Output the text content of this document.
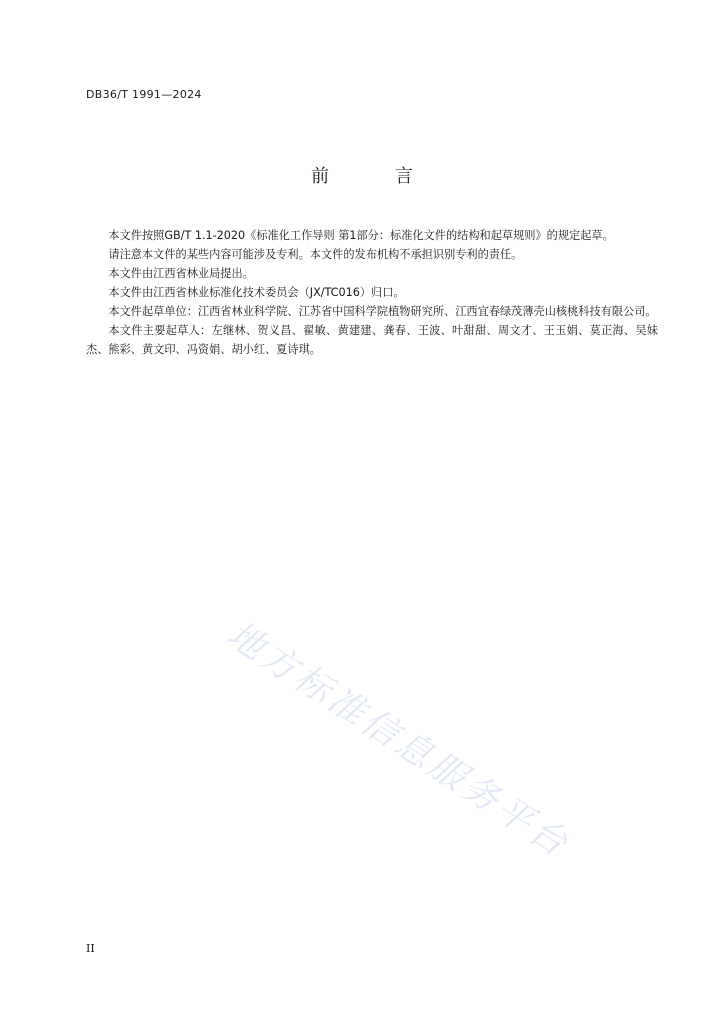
DB36/T 1991—2024
前 言

本文件按照GB/T 1.1-2020《标准化工作导则 第1部分：标准化文件的结构和起草规则》的规定起草。

请注意本文件的某些内容可能涉及专利。本文件的发布机构不承担识别专利的责任。

本文件由江西省林业局提出。

本文件由江西省林业标准化技术委员会（JX/TC016）归口。

本文件起草单位：江西省林业科学院、江苏省中国科学院植物研究所、江西宜春绿茂薄壳山核桃科技有限公司。

本文件主要起草人：左继林、贺义昌、翟敏、黄建建、龚春、王波、叶甜甜、周文才、王玉娟、莫正海、吴妹杰、熊彩、黄文印、冯资娟、胡小红、夏诗琪。

地方标准信息服务平台
II
